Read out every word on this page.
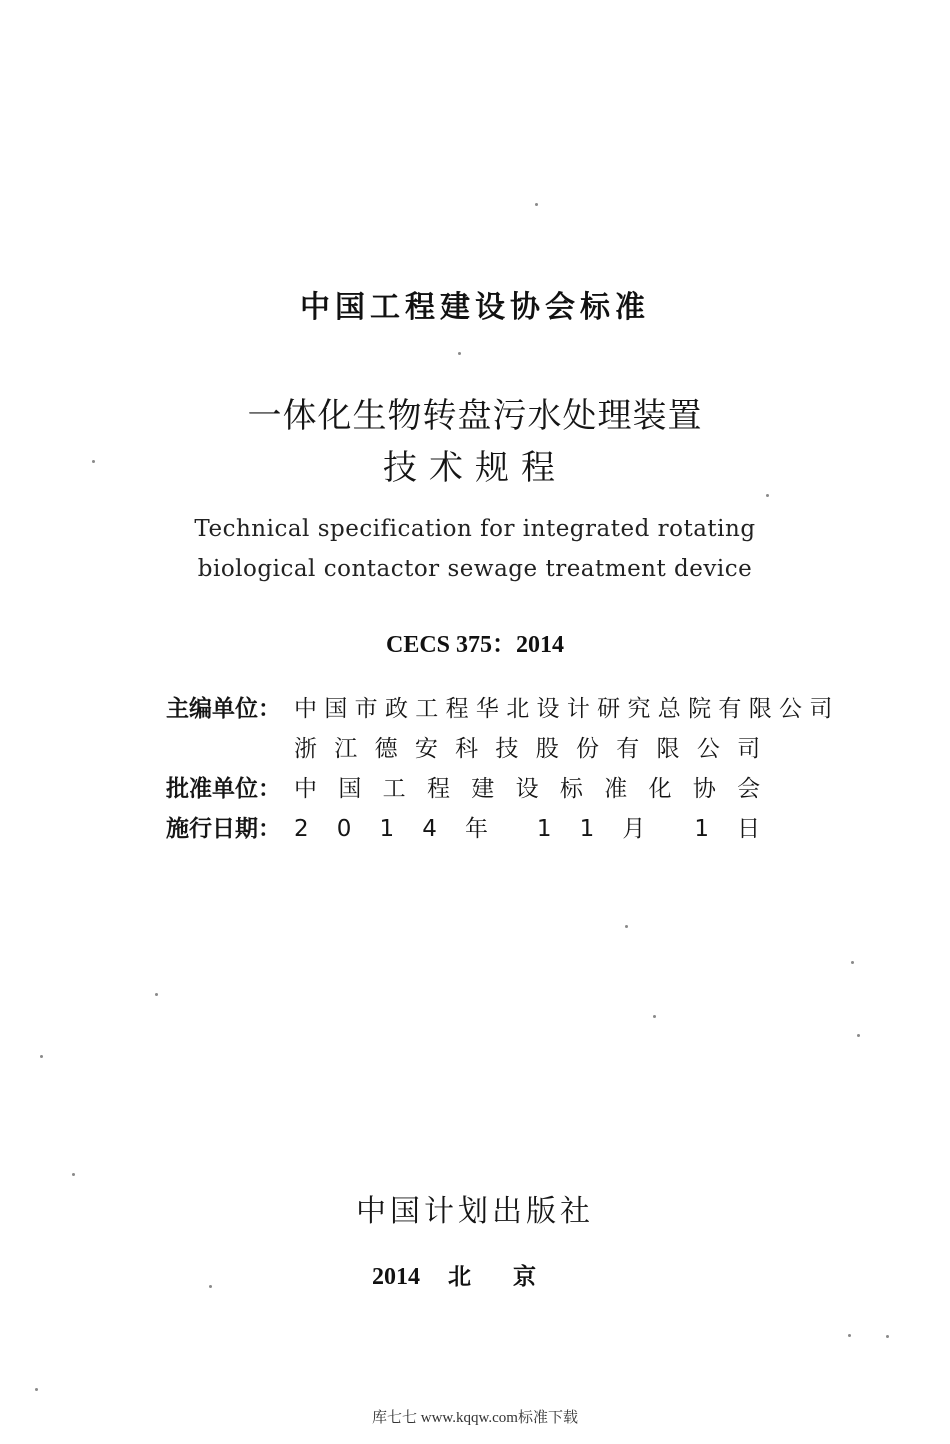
中国工程建设协会标准
一体化生物转盘污水处理装置
技术规程
Technical specification for integrated rotating
biological contactor sewage treatment device
CECS 375：2014
主编单位： 中 国 市 政 工 程 华 北 设 计 研 究 总 院 有 限 公 司
浙 江 德 安 科 技 股 份 有 限 公 司
批准单位： 中 国 工 程 建 设 标 准 化 协 会
施行日期： 2 0 1 4 年 1 1 月 1 日
中国计划出版社
2014 北京
库七七 www.kqqw.com标准下载
